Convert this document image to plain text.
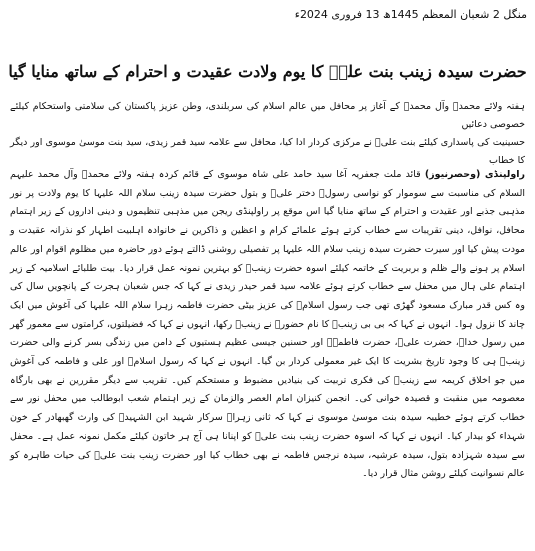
منگل 2 شعبان المعظم 1445ھ 13 فروری 2024ء
حضرت سیدہ زینب بنت علیؑ کا یوم ولادت عقیدت و احترام کے ساتھ منایا گیا

ہفتہ ولائے محمدؐ وآل محمدؐ کے آغاز پر محافل میں عالم اسلام کی سربلندی، وطن عزیز پاکستان کی سلامتی واستحکام کیلئے خصوصی دعائیں

حسینیت کی پاسداری کیلئے بنت علیؑ نے مرکزی کردار ادا کیا، محافل سے علامہ سید قمر زیدی، سید بنت موسیٰ موسوی اور دیگر کا خطاب

راولپنڈی (وحصرنیوز) قائد ملت جعفریہ آغا سید حامد علی شاہ موسوی کے قائم کردہ ہفتہ ولائے محمدؐ وآل محمد علیہم السلام کی مناسبت سے سوموار کو نواسی رسولؐ دختر علیؑ و بتول حضرت سیدہ زینب سلام اللہ علیہا کا یوم ولادت پر نور مذہبی جذبے اور عقیدت و احترام کے ساتھ منایا گیا اس موقع پر راولپنڈی ریجن میں مذہبی تنظیموں و دینی اداروں کے زیر اہتمام محافل، نوافل، دینی تقریبات سے خطاب کرتے ہوئے علمائے کرام و اعظین و ذاکرین نے خانوادہ اہلبیت اطہار کو نذرانہ عقیدت و مودت پیش کیا اور سیرت حضرت سیدہ زینب سلام اللہ علیہا پر تفصیلی روشنی ڈالتے ہوئے دور حاضرہ میں مظلوم اقوام اور عالم اسلام پر ہونے والے ظلم و بربریت کے خاتمہ کیلئے اسوہ حضرت زینبؑ کو بہترین نمونہ عمل قرار دیا۔ بیت طلبائے اسلامیہ کے زیر اہتمام علی ہال میں محفل سے خطاب کرتے ہوئے علامہ سید قمر حیدر زیدی نے کہا کہ جس شعبان ہجرت کے پانچویں سال کی وہ کس قدر مبارک مسعود گھڑی تھی جب رسول اسلامؐ کی عزیز بیٹی حضرت فاطمہ زہرا سلام اللہ علیہا کی آغوش میں ایک چاند کا نزول ہوا۔ انہوں نے کہا کہ بی بی زینبؑ کا نام حضورؐ نے زینبؑ رکھا، انہوں نے کہا کہ فضیلتوں، کرامتوں سے معمور گھر میں رسول خداؐ، حضرت علیؑ، حضرت فاطمہؑ اور حسنین جیسی عظیم ہستیوں کے دامن میں زندگی بسر کرنے والی حضرت زینبؑ ہی کا وجود تاریخ بشریت کا ایک غیر معمولی کردار بن گیا۔ انہوں نے کہا کہ رسول اسلامؐ اور علی و فاطمہ کی آغوش میں جو اخلاق کریمہ سے زینبؑ کی فکری تربیت کی بنیادیں مضبوط و مستحکم کیں۔ تقریب سے دیگر مقررین نے بھی بارگاہ معصومہ میں منقبت و قصیدہ خوانی کی۔ انجمن کنیزان امام العصر والزمان کے زیر اہتمام شعب ابوطالب میں محفل نور سے خطاب کرتے ہوئے خطیبہ سیدہ بنت موسیٰ موسوی نے کہا کہ ثانی زہراؑ سرکار شہید ابن الشہیدؑ کی وارث گھبھادر کے خون شہداء کو بیدار کیا۔ انہوں نے کہا کہ اسوہ حضرت زینب بنت علیؑ کو اپنانا ہی آج ہر خاتون کیلئے مکمل نمونہ عمل ہے۔ محفل سے سیدہ شہزادہ بتول، سیدہ عرشیہ، سیدہ نرجس فاطمہ نے بھی خطاب کیا اور حضرت زینب بنت علیؑ کی حیات طاہرہ کو عالم نسوانیت کیلئے روشن مثال قرار دیا۔
